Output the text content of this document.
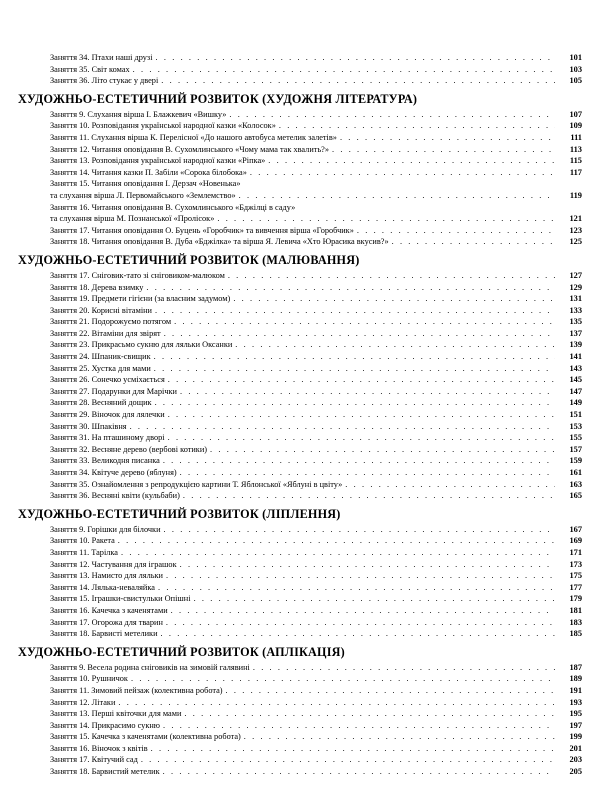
Заняття 34. Птахи наші друзі . . .	101
Заняття 35. Світ комах . . .	103
Заняття 36. Літо стукає у двері . . .	105
ХУДОЖНЬО-ЕСТЕТИЧНИЙ РОЗВИТОК (ХУДОЖНЯ ЛІТЕРАТУРА)
Заняття 9. Слухання вірша І. Блажкевич «Вишку» . . .	107
Заняття 10. Розповідання української народної казки «Колосок» . . .	109
Заняття 11. Слухання вірша К. Перелісної «До нашого автобуса метелик залетів» . . .	111
Заняття 12. Читання оповідання В. Сухомлинського «Чому мама так хвалить?» . . .	113
Заняття 13. Розповідання української народної казки «Ріпка» . . .	115
Заняття 14. Читання казки П. Забіли «Сорока білобока» . . .	117
Заняття 15. Читання оповідання І. Дерзач «Новенька»
та слухання вірша Л. Первомайського «Землемство» . . .	119
Заняття 16. Читання оповідання В. Сухомлинського «Бджілці в саду»
та слухання вірша М. Познанської «Пролісок» . . .	121
Заняття 17. Читання оповідання О. Буцень «Горобчик» та вивчення вірша «Горобчик» . . .	123
Заняття 18. Читання оповідання В. Дуба «Бджілка» та вірша Я. Левича «Хто Юрасика вкусив?» . . .	125
ХУДОЖНЬО-ЕСТЕТИЧНИЙ РОЗВИТОК (МАЛЮВАННЯ)
Заняття 17. Сніговик-тато зі сніговиком-малюком . . .	127
Заняття 18. Дерева взимку . . .	129
Заняття 19. Предмети гігієни (за власним задумом) . . .	131
Заняття 20. Корисні вітаміни . . .	133
Заняття 21. Подорожуємо потягом . . .	135
Заняття 22. Вітаміни для звірят . . .	137
Заняття 23. Прикрасьмо сукню для ляльки Оксанки . . .	139
Заняття 24. Шпаник-свищик . . .	141
Заняття 25. Хустка для мами . . .	143
Заняття 26. Сонечко усміхається . . .	145
Заняття 27. Подарунки для Марічки . . .	147
Заняття 28. Весняний дощик . . .	149
Заняття 29. Віночок для лялечки . . .	151
Заняття 30. Шпаківня . . .	153
Заняття 31. На пташиному дворі . . .	155
Заняття 32. Весняне дерево (вербові котики) . . .	157
Заняття 33. Великодня писанка . . .	159
Заняття 34. Квітуче дерево (яблуня) . . .	161
Заняття 35. Ознайомлення з репродукцією картини Т. Яблонської «Яблуні в цвіту» . . .	163
Заняття 36. Весняні квіти (кульбаби) . . .	165
ХУДОЖНЬО-ЕСТЕТИЧНИЙ РОЗВИТОК (ЛІПЛЕННЯ)
Заняття 9. Горішки для білочки . . .	167
Заняття 10. Ракета . . .	169
Заняття 11. Тарілка . . .	171
Заняття 12. Частування для іграшок . . .	173
Заняття 13. Намисто для ляльки . . .	175
Заняття 14. Лялька-неваляйка . . .	177
Заняття 15. Іграшки-свистульки Опішні . . .	179
Заняття 16. Качечка з каченятами . . .	181
Заняття 17. Огорожа для тварин . . .	183
Заняття 18. Барвисті метелики . . .	185
ХУДОЖНЬО-ЕСТЕТИЧНИЙ РОЗВИТОК (АПЛІКАЦІЯ)
Заняття 9. Весела родина сніговиків на зимовій галявині . . .	187
Заняття 10. Рушничок . . .	189
Заняття 11. Зимовий пейзаж (колективна робота) . . .	191
Заняття 12. Літаки . . .	193
Заняття 13. Перші квіточки для мами . . .	195
Заняття 14. Прикрасимо сукню . . .	197
Заняття 15. Качечка з каченятами (колективна робота) . . .	199
Заняття 16. Віночок з квітів . . .	201
Заняття 17. Квітучий сад . . .	203
Заняття 18. Барвистий метелик . . .	205
